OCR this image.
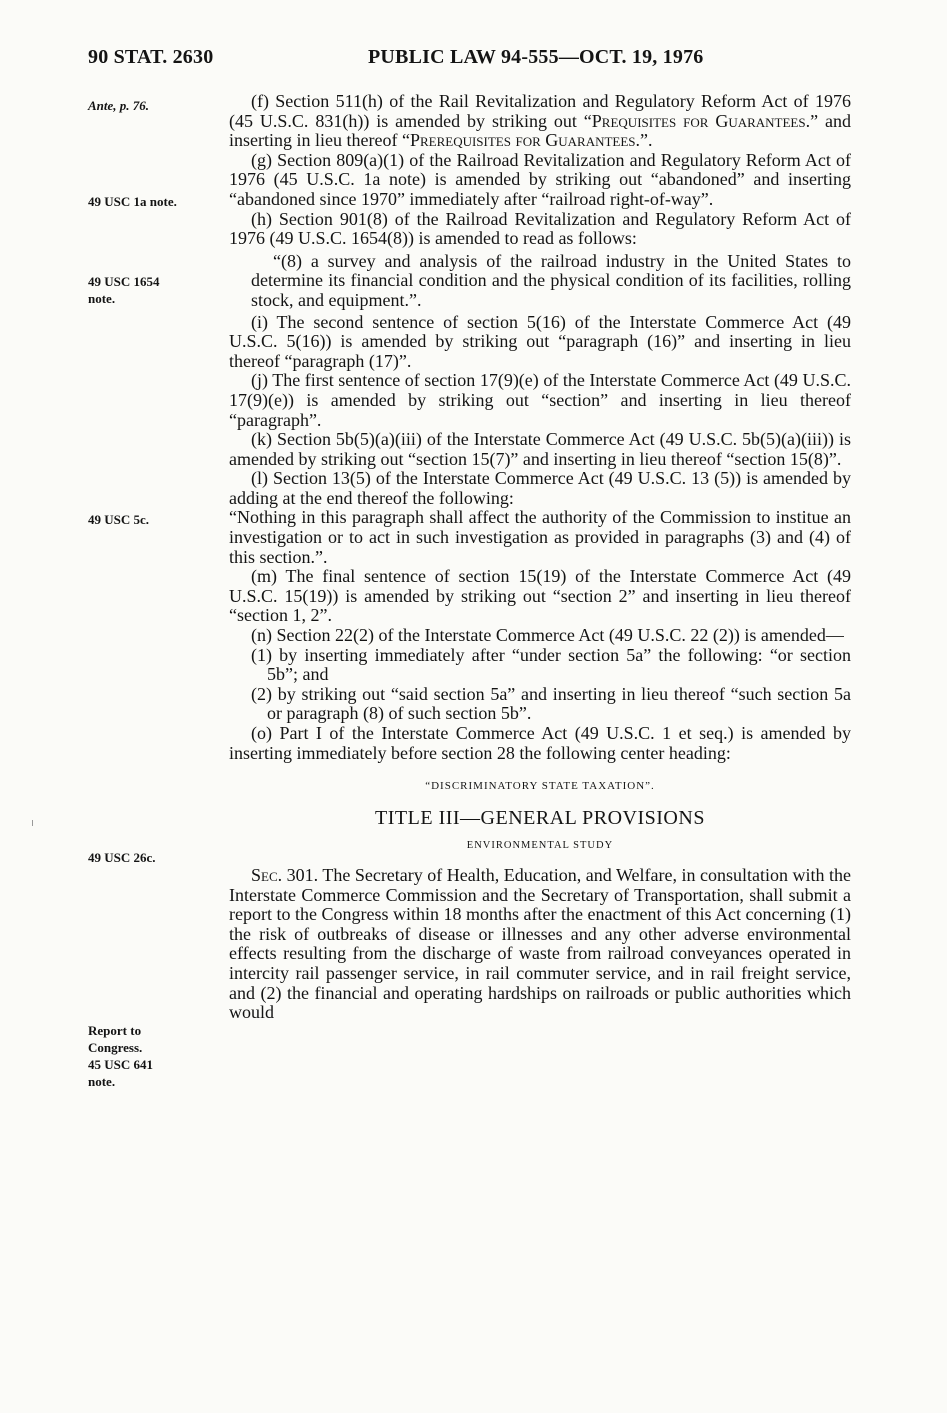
90 STAT. 2630	PUBLIC LAW 94-555—OCT. 19, 1976
Ante, p. 76.
49 USC 1a note.
49 USC 1654
note.
49 USC 5c.
49 USC 26c.
Report to
Congress.
45 USC 641
note.

(f) Section 511(h) of the Rail Revitalization and Regulatory Reform Act of 1976 (45 U.S.C. 831(h)) is amended by striking out “Prequisites for Guarantees.” and inserting in lieu thereof “Prerequisites for Guarantees.”.

(g) Section 809(a)(1) of the Railroad Revitalization and Regulatory Reform Act of 1976 (45 U.S.C. 1a note) is amended by striking out “abandoned” and inserting “abandoned since 1970” immediately after “railroad right-of-way”.

(h) Section 901(8) of the Railroad Revitalization and Regulatory Reform Act of 1976 (49 U.S.C. 1654(8)) is amended to read as follows:

“(8) a survey and analysis of the railroad industry in the United States to determine its financial condition and the physical condition of its facilities, rolling stock, and equipment.”.

(i) The second sentence of section 5(16) of the Interstate Commerce Act (49 U.S.C. 5(16)) is amended by striking out “paragraph (16)” and inserting in lieu thereof “paragraph (17)”.

(j) The first sentence of section 17(9)(e) of the Interstate Commerce Act (49 U.S.C. 17(9)(e)) is amended by striking out “section” and inserting in lieu thereof “paragraph”.

(k) Section 5b(5)(a)(iii) of the Interstate Commerce Act (49 U.S.C. 5b(5)(a)(iii)) is amended by striking out “section 15(7)” and inserting in lieu thereof “section 15(8)”.

(l) Section 13(5) of the Interstate Commerce Act (49 U.S.C. 13 (5)) is amended by adding at the end thereof the following:

“Nothing in this paragraph shall affect the authority of the Commission to institue an investigation or to act in such investigation as provided in paragraphs (3) and (4) of this section.”.

(m) The final sentence of section 15(19) of the Interstate Commerce Act (49 U.S.C. 15(19)) is amended by striking out “section 2” and inserting in lieu thereof “section 1, 2”.

(n) Section 22(2) of the Interstate Commerce Act (49 U.S.C. 22 (2)) is amended—

(1) by inserting immediately after “under section 5a” the following: “or section 5b”; and

(2) by striking out “said section 5a” and inserting in lieu thereof “such section 5a or paragraph (8) of such section 5b”.

(o) Part I of the Interstate Commerce Act (49 U.S.C. 1 et seq.) is amended by inserting immediately before section 28 the following center heading:

“DISCRIMINATORY STATE TAXATION”.

TITLE III—GENERAL PROVISIONS

ENVIRONMENTAL STUDY

Sec. 301. The Secretary of Health, Education, and Welfare, in consultation with the Interstate Commerce Commission and the Secretary of Transportation, shall submit a report to the Congress within 18 months after the enactment of this Act concerning (1) the risk of outbreaks of disease or illnesses and any other adverse environmental effects resulting from the discharge of waste from railroad conveyances operated in intercity rail passenger service, in rail commuter service, and in rail freight service, and (2) the financial and operating hardships on railroads or public authorities which would
